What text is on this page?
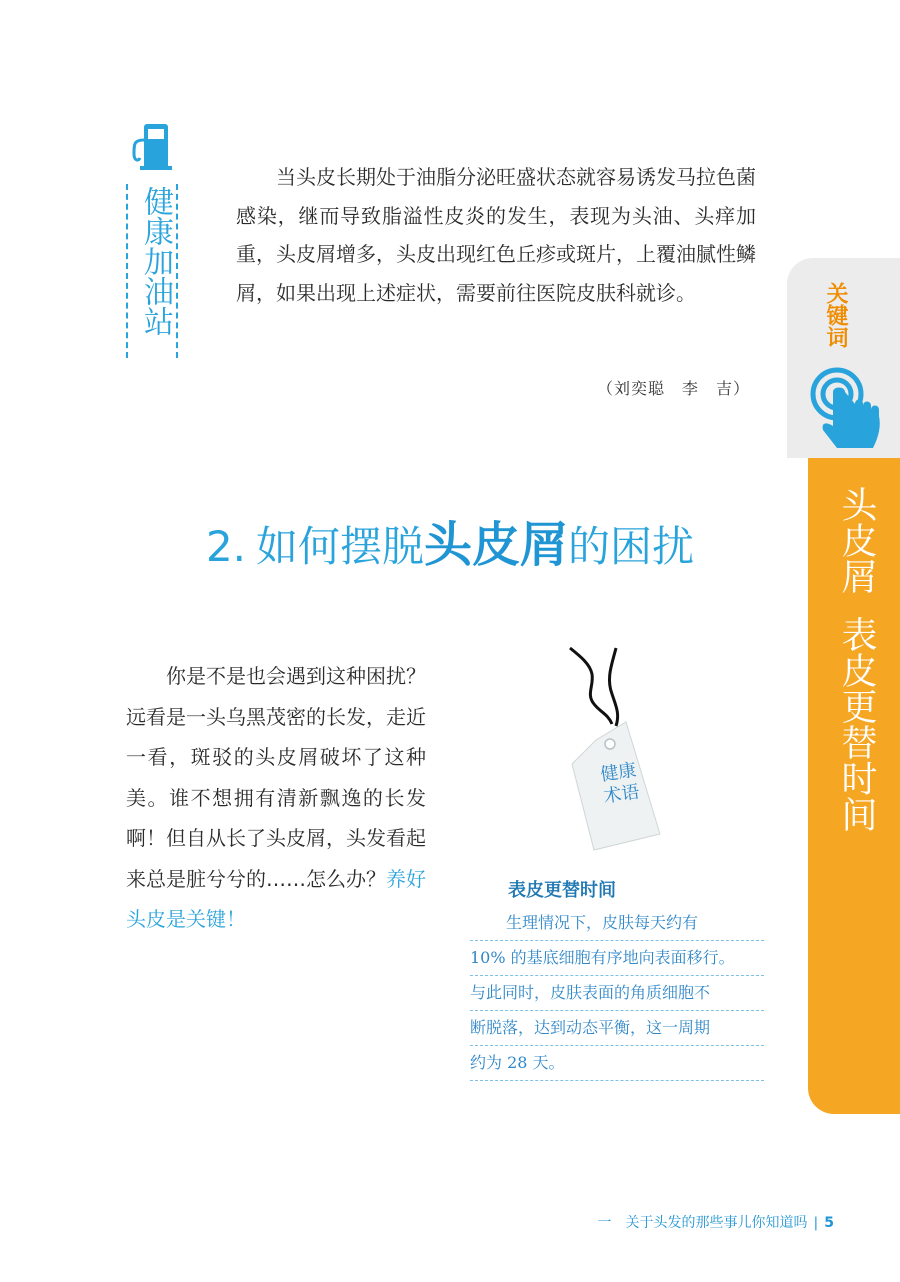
健康加油站

当头皮长期处于油脂分泌旺盛状态就容易诱发马拉色菌感染，继而导致脂溢性皮炎的发生，表现为头油、头痒加重，头皮屑增多，头皮出现红色丘疹或斑片，上覆油腻性鳞屑，如果出现上述症状，需要前往医院皮肤科就诊。

（刘奕聪　李　吉）
关键词
头皮屑
表皮更替时间
2. 如何摆脱头皮屑的困扰

你是不是也会遇到这种困扰？远看是一头乌黑茂密的长发，走近一看，斑驳的头皮屑破坏了这种美。谁不想拥有清新飘逸的长发啊！但自从长了头皮屑，头发看起来总是脏兮兮的……怎么办？养好头皮是关键！

健康
术语
表皮更替时间
生理情况下，皮肤每天约有
10% 的基底细胞有序地向表面移行。
与此同时，皮肤表面的角质细胞不
断脱落，达到动态平衡，这一周期
约为 28 天。
一　关于头发的那些事儿你知道吗 | 5
